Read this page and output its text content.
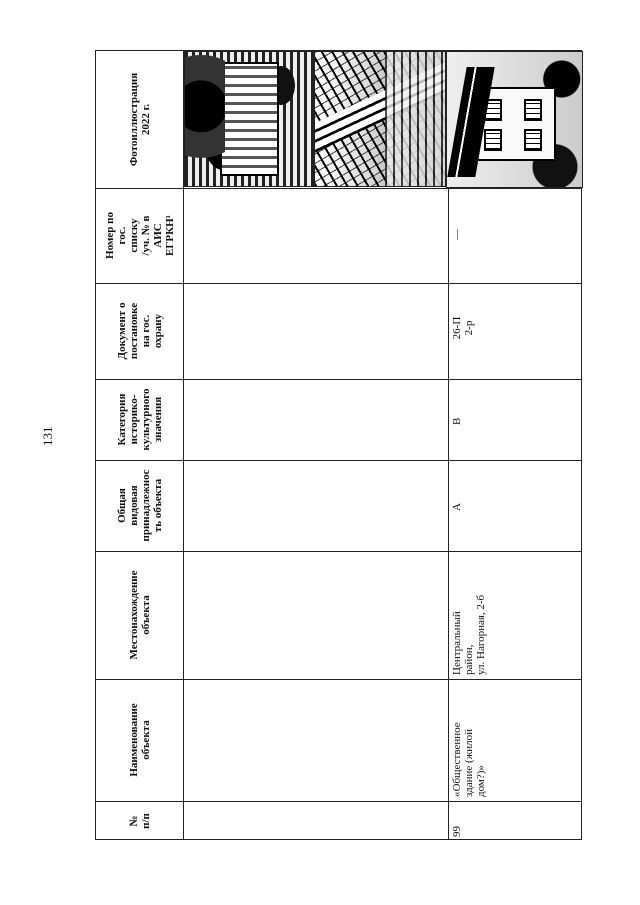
131
№
п/п
Наименование
объекта
Местонахождение
объекта
Общая
видовая
принадлежнос
ть объекта
Категория
историко-
культурного
значения
Документ о
постановке
на гос.
охрану
Номер по
гос.
списку
/уч. № в
АИС
ЕГРКН¹
Фотоиллюстрация
2022 г.
99
«Общественное
здание (жилой
дом?)»
Центральный
район,
ул. Нагорная, 2-б
А
В
26-П
2-р
—
